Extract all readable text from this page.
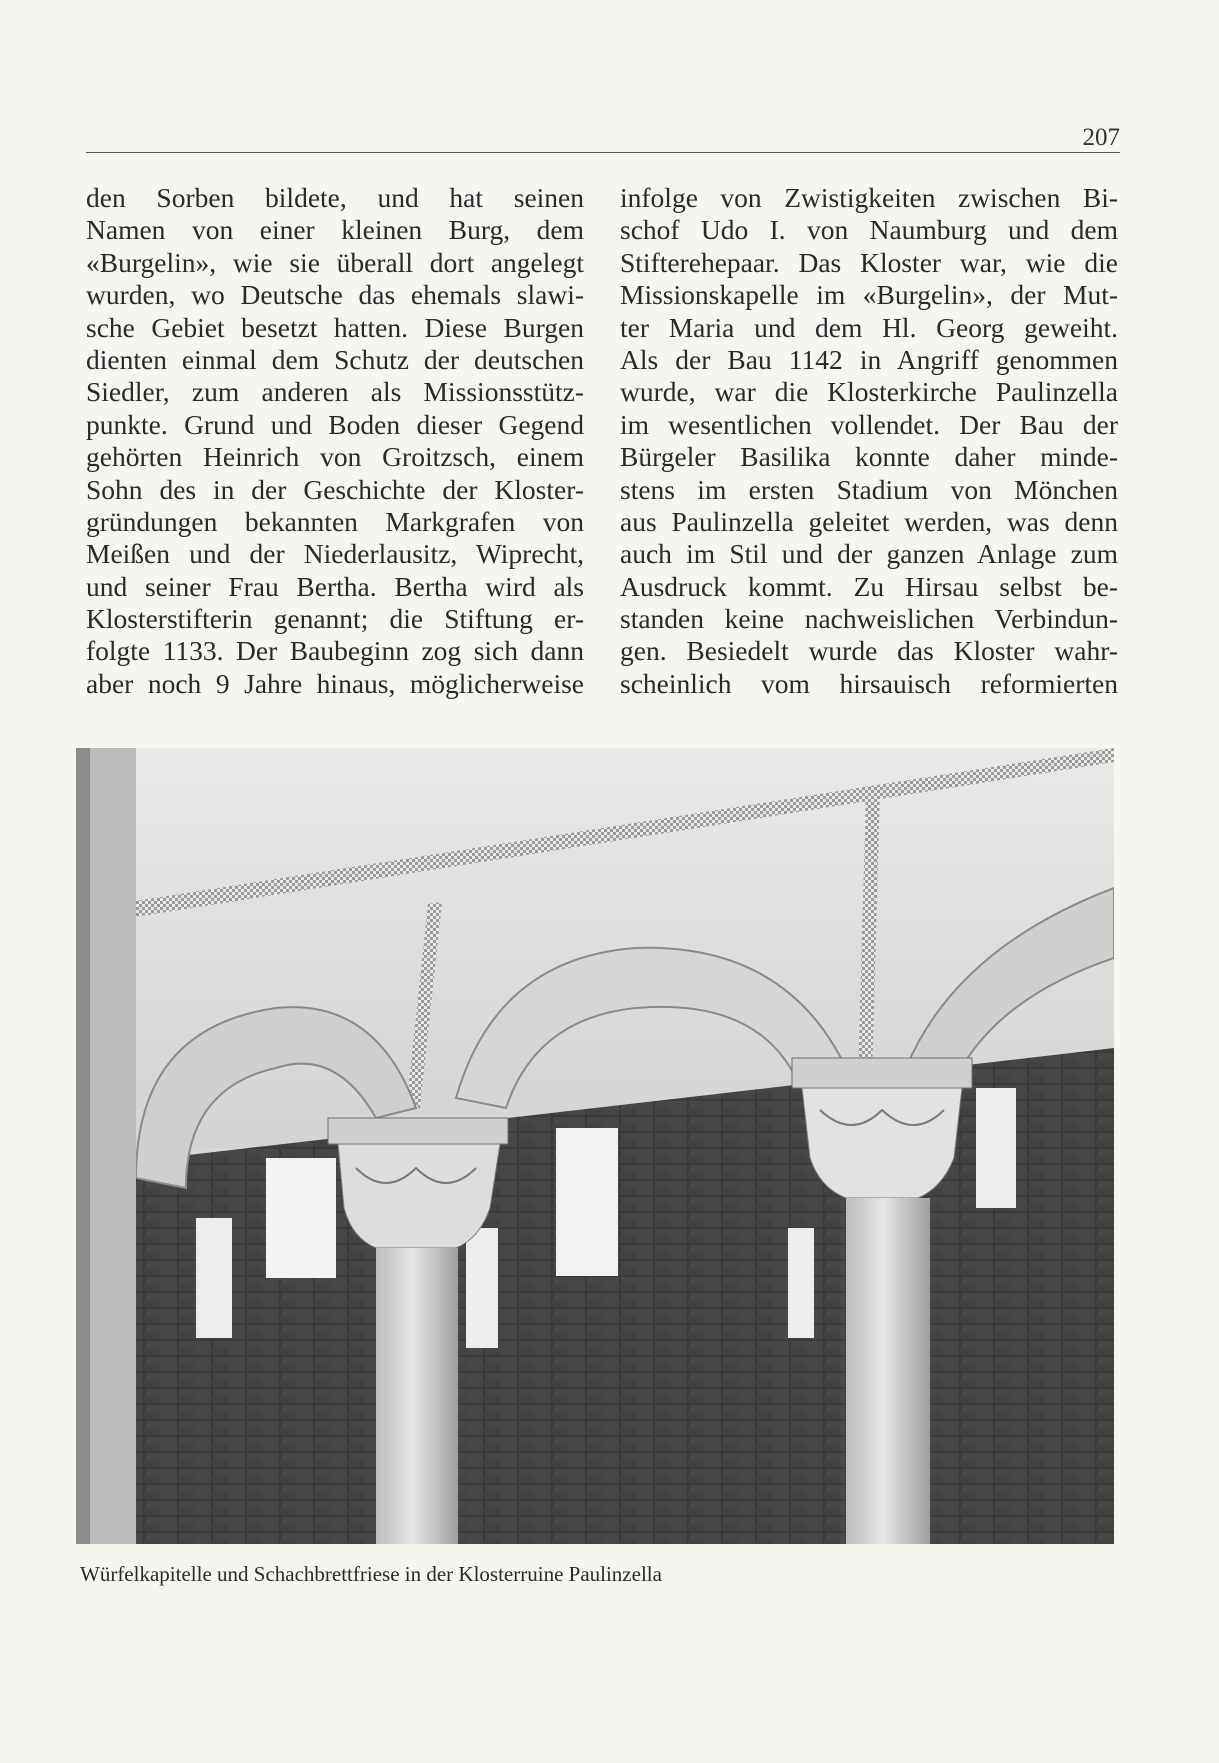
207
den Sorben bildete, und hat seinen
Namen von einer kleinen Burg, dem
«Burgelin», wie sie überall dort angelegt
wurden, wo Deutsche das ehemals slawi-
sche Gebiet besetzt hatten. Diese Burgen
dienten einmal dem Schutz der deutschen
Siedler, zum anderen als Missionsstütz-
punkte. Grund und Boden dieser Gegend
gehörten Heinrich von Groitzsch, einem
Sohn des in der Geschichte der Kloster-
gründungen bekannten Markgrafen von
Meißen und der Niederlausitz, Wiprecht,
und seiner Frau Bertha. Bertha wird als
Klosterstifterin genannt; die Stiftung er-
folgte 1133. Der Baubeginn zog sich dann
aber noch 9 Jahre hinaus, möglicherweise
infolge von Zwistigkeiten zwischen Bi-
schof Udo I. von Naumburg und dem
Stifterehepaar. Das Kloster war, wie die
Missionskapelle im «Burgelin», der Mut-
ter Maria und dem Hl. Georg geweiht.
Als der Bau 1142 in Angriff genommen
wurde, war die Klosterkirche Paulinzella
im wesentlichen vollendet. Der Bau der
Bürgeler Basilika konnte daher minde-
stens im ersten Stadium von Mönchen
aus Paulinzella geleitet werden, was denn
auch im Stil und der ganzen Anlage zum
Ausdruck kommt. Zu Hirsau selbst be-
standen keine nachweislichen Verbindun-
gen. Besiedelt wurde das Kloster wahr-
scheinlich vom hirsauisch reformierten
Würfelkapitelle und Schachbrettfriese in der Klosterruine Paulinzella
